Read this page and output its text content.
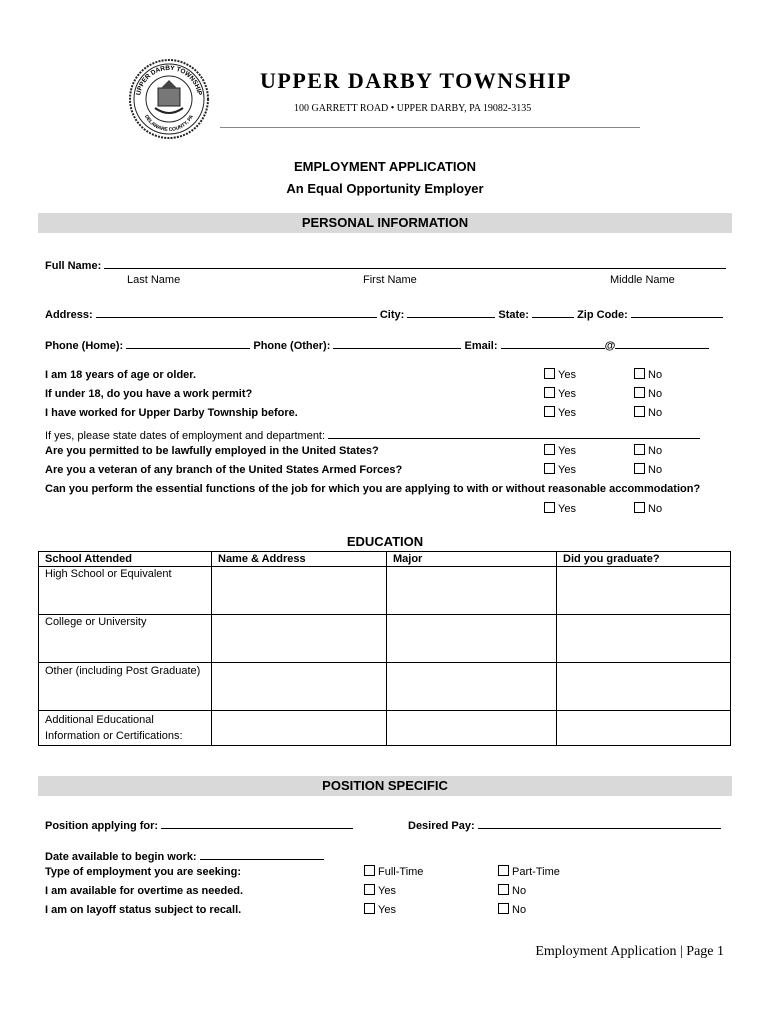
UPPER DARBY TOWNSHIP
DELAWARE COUNTY, PA
UPPER DARBY TOWNSHIP
100 GARRETT ROAD • UPPER DARBY, PA 19082-3135
EMPLOYMENT APPLICATION
An Equal Opportunity Employer
PERSONAL INFORMATION
Full Name:
Last Name	First Name	Middle Name
Address:	City:	State:	Zip Code:
Phone (Home):	Phone (Other):	Email:	@
I am 18 years of age or older.	Yes	No
If under 18, do you have a work permit?	Yes	No
I have worked for Upper Darby Township before.	Yes	No
If yes, please state dates of employment and department:
Are you permitted to be lawfully employed in the United States?	Yes	No
Are you a veteran of any branch of the United States Armed Forces?	Yes	No
Can you perform the essential functions of the job for which you are applying to with or without reasonable accommodation?
Yes	No
EDUCATION
School Attended	Name & Address	Major	Did you graduate?
High School or Equivalent			
College or University			
Other (including Post Graduate)			
Additional Educational Information or Certifications:			
POSITION SPECIFIC
Position applying for:	Desired Pay:
Date available to begin work:
Type of employment you are seeking:	Full-Time	Part-Time
I am available for overtime as needed.	Yes	No
I am on layoff status subject to recall.	Yes	No
Employment Application | Page 1
